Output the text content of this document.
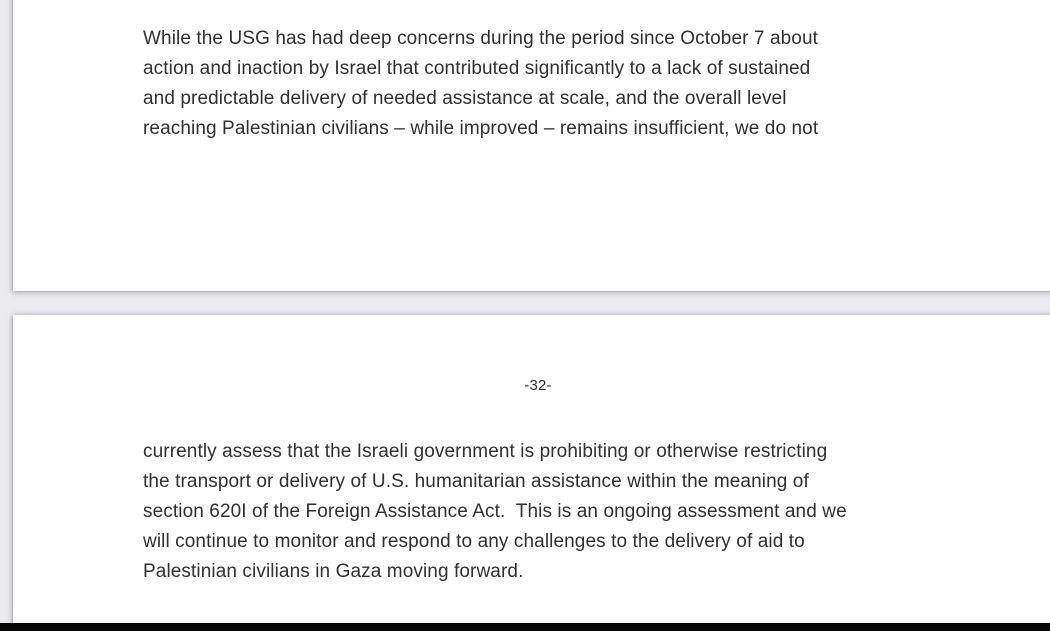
While the USG has had deep concerns during the period since October 7 about
action and inaction by Israel that contributed significantly to a lack of sustained
and predictable delivery of needed assistance at scale, and the overall level
reaching Palestinian civilians – while improved – remains insufficient, we do not
-32-
currently assess that the Israeli government is prohibiting or otherwise restricting
the transport or delivery of U.S. humanitarian assistance within the meaning of
section 620I of the Foreign Assistance Act.  This is an ongoing assessment and we
will continue to monitor and respond to any challenges to the delivery of aid to
Palestinian civilians in Gaza moving forward.
